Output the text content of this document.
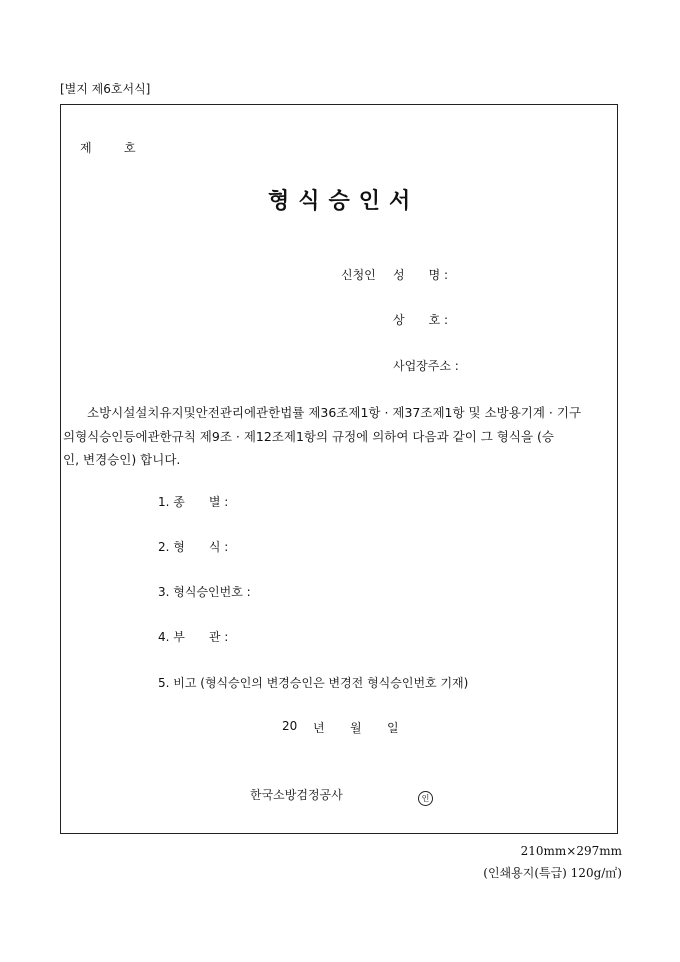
[별지 제6호서식]
제	호
형식승인서
신청인 성　　명 :
상　　호 :
사업장주소 :
소방시설설치유지및안전관리에관한법률 제36조제1항 · 제37조제1항 및 소방용기계 · 기구
의형식승인등에관한규칙 제9조 · 제12조제1항의 규정에 의하여 다음과 같이 그 형식을 (승
인, 변경승인) 합니다.
1. 종　　별 :
2. 형　　식 :
3. 형식승인번호 :
4. 부　　관 :
5. 비고 (형식승인의 변경승인은 변경전 형식승인번호 기재)
20 년 월 일
한국소방검정공사	인
210mm×297mm
(인쇄용지(특급) 120g/㎡)
